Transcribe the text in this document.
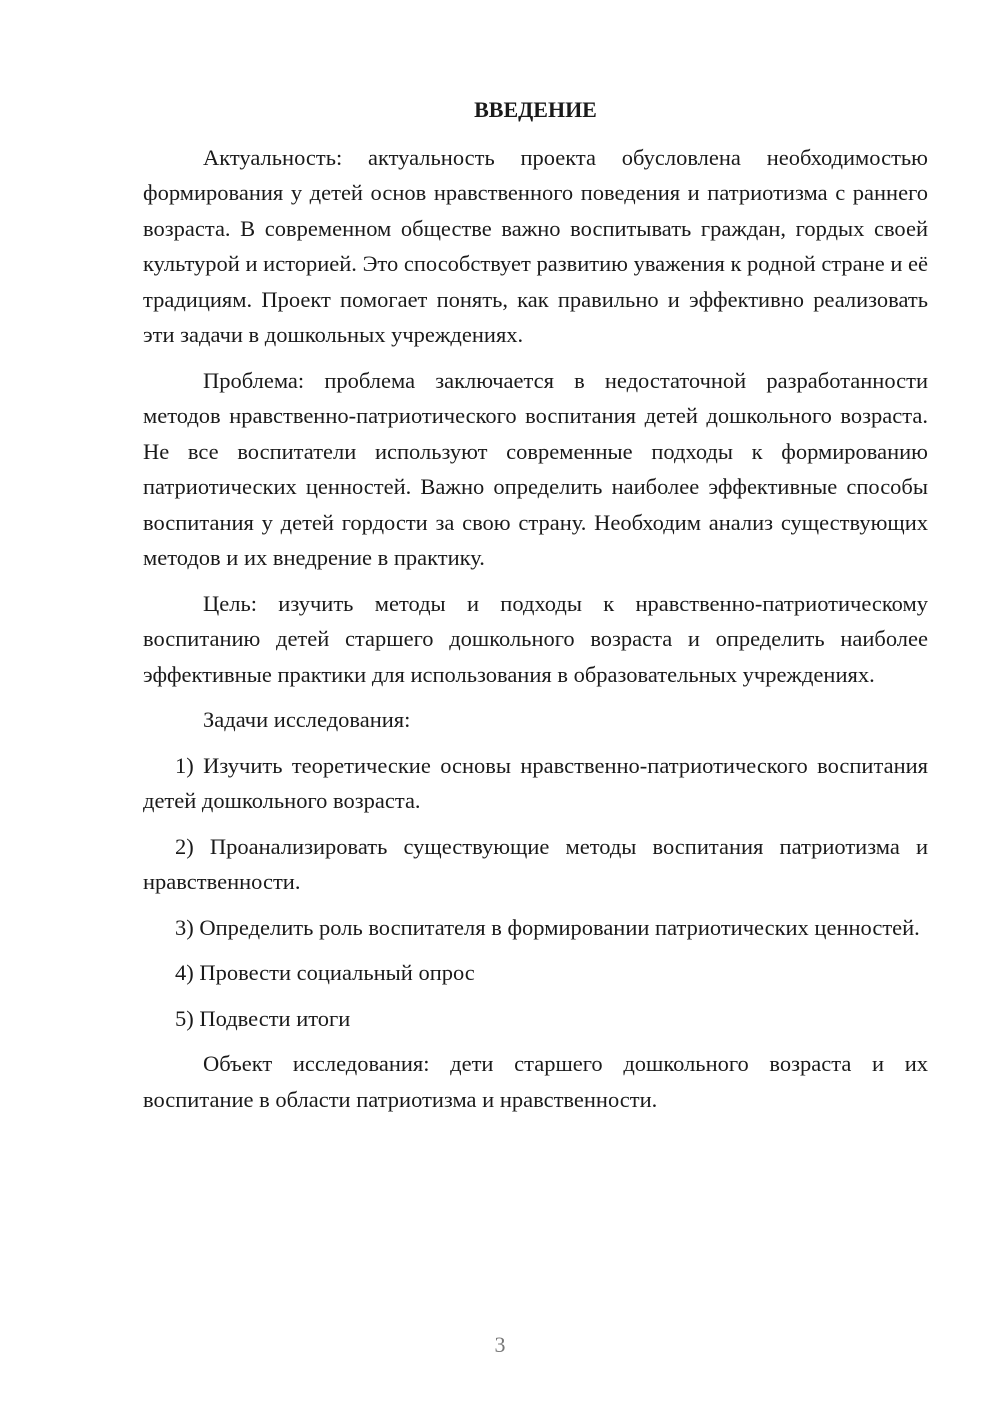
ВВЕДЕНИЕ

Актуальность: актуальность проекта обусловлена необходимостью формирования у детей основ нравственного поведения и патриотизма с раннего возраста. В современном обществе важно воспитывать граждан, гордых своей культурой и историей. Это способствует развитию уважения к родной стране и её традициям. Проект помогает понять, как правильно и эффективно реализовать эти задачи в дошкольных учреждениях.

Проблема: проблема заключается в недостаточной разработанности методов нравственно-патриотического воспитания детей дошкольного возраста. Не все воспитатели используют современные подходы к формированию патриотических ценностей. Важно определить наиболее эффективные способы воспитания у детей гордости за свою страну. Необходим анализ существующих методов и их внедрение в практику.

Цель: изучить методы и подходы к нравственно-патриотическому воспитанию детей старшего дошкольного возраста и определить наиболее эффективные практики для использования в образовательных учреждениях.

Задачи исследования:

1) Изучить теоретические основы нравственно-патриотического воспитания детей дошкольного возраста.

2) Проанализировать существующие методы воспитания патриотизма и нравственности.

3) Определить роль воспитателя в формировании патриотических ценностей.

4) Провести социальный опрос

5) Подвести итоги

Объект исследования: дети старшего дошкольного возраста и их воспитание в области патриотизма и нравственности.

3
